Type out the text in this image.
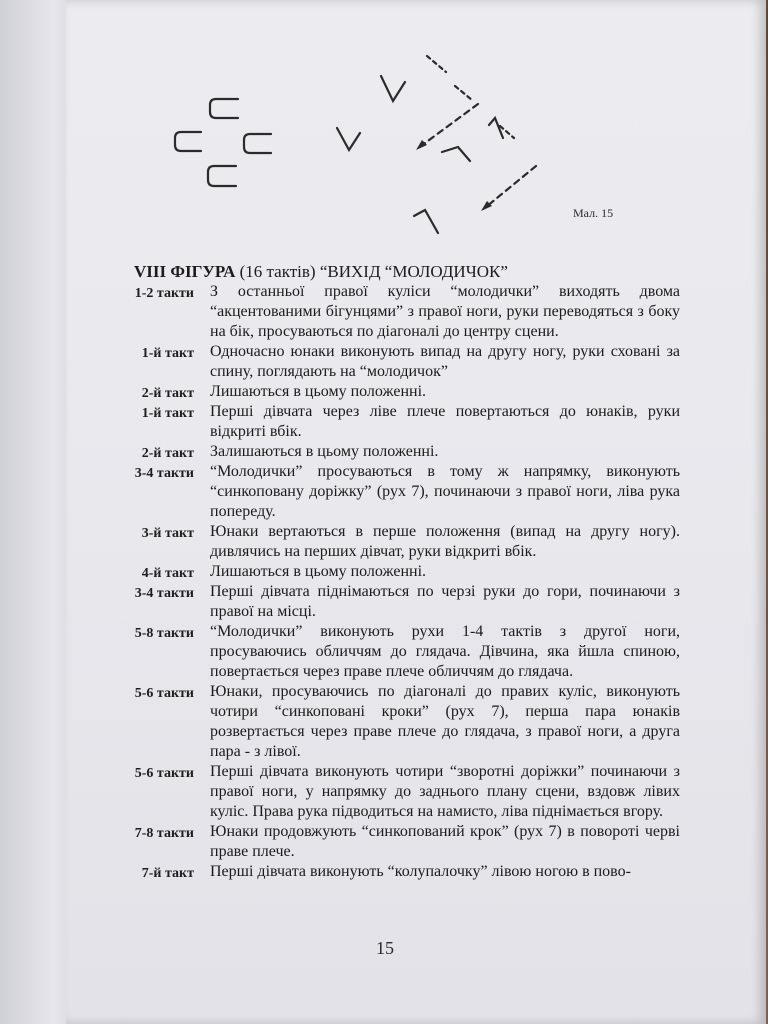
Мал. 15
VIII ФІГУРА (16 тактів) “ВИХІД “МОЛОДИЧОК”
1-2 такти З останньої правої куліси “молодички” виходять двома “акцентованими бігунцями” з правої ноги, руки переводяться з боку на бік, просуваються по діагоналі до центру сцени.
1-й такт Одночасно юнаки виконують випад на другу ногу, руки сховані за спину, поглядають на “молодичок”
2-й такт Лишаються в цьому положенні.
1-й такт Перші дівчата через ліве плече повертаються до юнаків, руки відкриті вбік.
2-й такт Залишаються в цьому положенні.
3-4 такти “Молодички” просуваються в тому ж напрямку, виконують “синкоповану доріжку” (рух 7), починаючи з правої ноги, ліва рука попереду.
3-й такт Юнаки вертаються в перше положення (випад на другу ногу). дивлячись на перших дівчат, руки відкриті вбік.
4-й такт Лишаються в цьому положенні.
3-4 такти Перші дівчата піднімаються по черзі руки до гори, починаючи з правої на місці.
5-8 такти “Молодички” виконують рухи 1-4 тактів з другої ноги, просуваючись обличчям до глядача. Дівчина, яка йшла спиною, повертається через праве плече обличчям до глядача.
5-6 такти Юнаки, просуваючись по діагоналі до правих куліс, виконують чотири “синкоповані кроки” (рух 7), перша пара юнаків розвертається через праве плече до глядача, з правої ноги, а друга пара - з лівої.
5-6 такти Перші дівчата виконують чотири “зворотні доріжки” починаючи з правої ноги, у напрямку до заднього плану сцени, вздовж лівих куліс. Права рука підводиться на намисто, ліва піднімається вгору.
7-8 такти Юнаки продовжують “синкопований крок” (рух 7) в повороті черві праве плече.
7-й такт Перші дівчата виконують “колупалочку” лівою ногою в пово-
15
